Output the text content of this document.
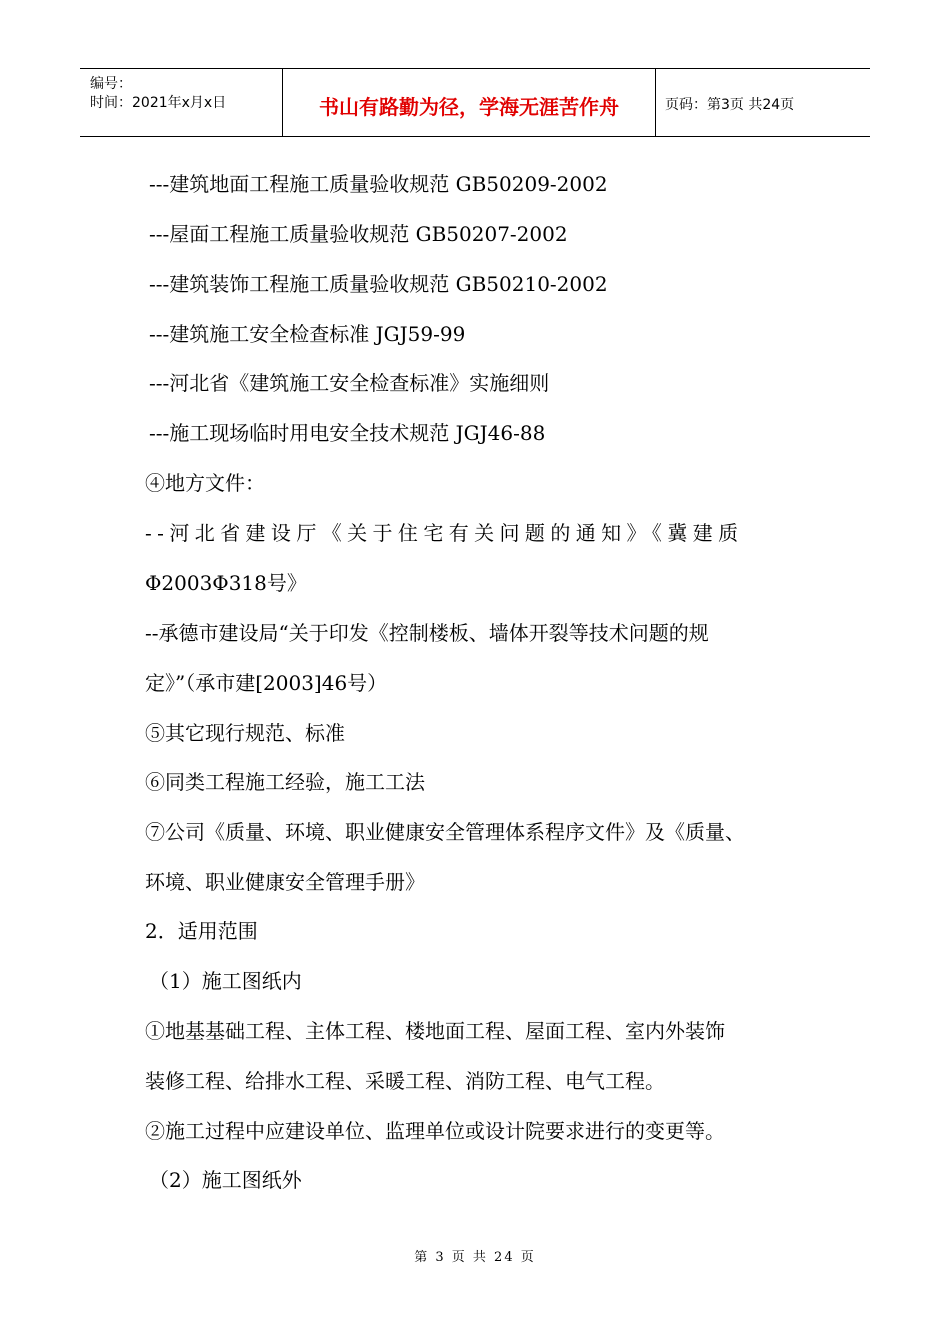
编号：
时间：2021年x月x日	书山有路勤为径，学海无涯苦作舟	页码：第3页 共24页
---建筑地面工程施工质量验收规范 GB50209-2002
---屋面工程施工质量验收规范 GB50207-2002
---建筑装饰工程施工质量验收规范 GB50210-2002
---建筑施工安全检查标准 JGJ59-99
---河北省《建筑施工安全检查标准》实施细则
---施工现场临时用电安全技术规范 JGJ46-88
④地方文件：
--河北省建设厅《关于住宅有关问题的通知》《冀建质
Φ2003Φ318号》
--承德市建设局“关于印发《控制楼板、墙体开裂等技术问题的规
定》”（承市建[2003]46号）
⑤其它现行规范、标准
⑥同类工程施工经验，施工工法
⑦公司《质量、环境、职业健康安全管理体系程序文件》及《质量、
环境、职业健康安全管理手册》
2．适用范围
（1）施工图纸内
①地基基础工程、主体工程、楼地面工程、屋面工程、室内外装饰
装修工程、给排水工程、采暖工程、消防工程、电气工程。
②施工过程中应建设单位、监理单位或设计院要求进行的变更等。
（2）施工图纸外
第 3 页 共 24 页
